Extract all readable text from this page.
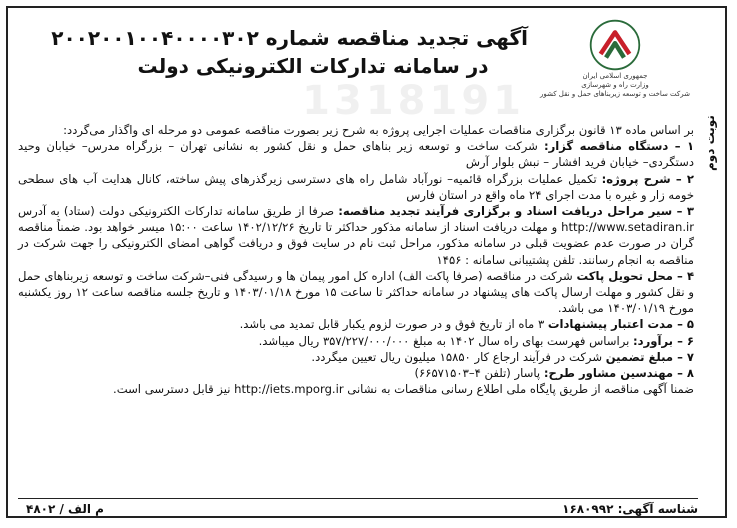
1318191
جمهوری اسلامی ایران
وزارت راه و شهرسازی
شرکت ساخت و توسعه زیربناهای حمل و نقل کشور
آگهی تجدید مناقصه شماره ۲۰۰۲۰۰۱۰۰۴۰۰۰۰۳۰۲
در سامانه تدارکات الکترونیکی دولت

بر اساس ماده ۱۳ قانون برگزاری مناقصات عملیات اجرایی پروژه به شرح زیر بصورت مناقصه عمومی دو مرحله ای واگذار می‌گردد:

۱ – دستگاه مناقصه گزار: شرکت ساخت و توسعه زیر بناهای حمل و نقل کشور به نشانی تهران – بزرگراه مدرس– خیابان وحید دستگردی– خیابان فرید افشار – نبش بلوار آرش

۲ – شرح پروژه: تکمیل عملیات بزرگراه قائمیه– نورآباد شامل راه های دسترسی زیرگذرهای پیش ساخته، کانال هدایت آب های سطحی خومه زار و غیره با مدت اجرای ۲۴ ماه واقع در استان فارس

۳ – سیر مراحل دریافت اسناد و برگزاری فرآیند تجدید مناقصه: صرفا از طریق سامانه تدارکات الکترونیکی دولت (ستاد) به آدرس http://www.setadiran.ir و مهلت دریافت اسناد از سامانه مذکور حداکثر تا تاریخ ۱۴۰۲/۱۲/۲۶ ساعت ۱۵:۰۰ میسر خواهد بود. ضمناً مناقصه گران در صورت عدم عضویت قبلی در سامانه مذکور، مراحل ثبت نام در سایت فوق و دریافت گواهی امضای الکترونیکی را جهت شرکت در مناقصه به انجام رسانند. تلفن پشتیبانی سامانه : ۱۴۵۶

۴ – محل تحویل پاکت شرکت در مناقصه (صرفا پاکت الف) اداره کل امور پیمان ها و رسیدگی فنی–شرکت ساخت و توسعه زیربناهای حمل و نقل کشور و مهلت ارسال پاکت های پیشنهاد در سامانه حداکثر تا ساعت ۱۵ مورخ ۱۴۰۳/۰۱/۱۸ و تاریخ جلسه مناقصه ساعت ۱۲ روز یکشنبه مورخ ۱۴۰۳/۰۱/۱۹ می باشد.

۵ – مدت اعتبار پیشنهادات ۳ ماه از تاریخ فوق و در صورت لزوم یکبار قابل تمدید می باشد.

۶ – برآورد: براساس فهرست بهای راه سال ۱۴۰۲ به مبلغ ۳۵۷/۲۲۷/۰۰۰/۰۰۰ ریال میباشد.

۷ – مبلغ تضمین شرکت در فرآیند ارجاع کار ۱۵۸۵۰ میلیون ریال تعیین میگردد.

۸ – مهندسین مشاور طرح: پاسار (تلفن ۴–۶۶۵۷۱۵۰۳)

ضمنا آگهی مناقصه از طریق پایگاه ملی اطلاع رسانی مناقصات به نشانی http://iets.mporg.ir نیز قابل دسترسی است.

شناسه آگهی: ۱۶۸۰۹۹۲
م الف / ۴۸۰۲
نوبت دوم
